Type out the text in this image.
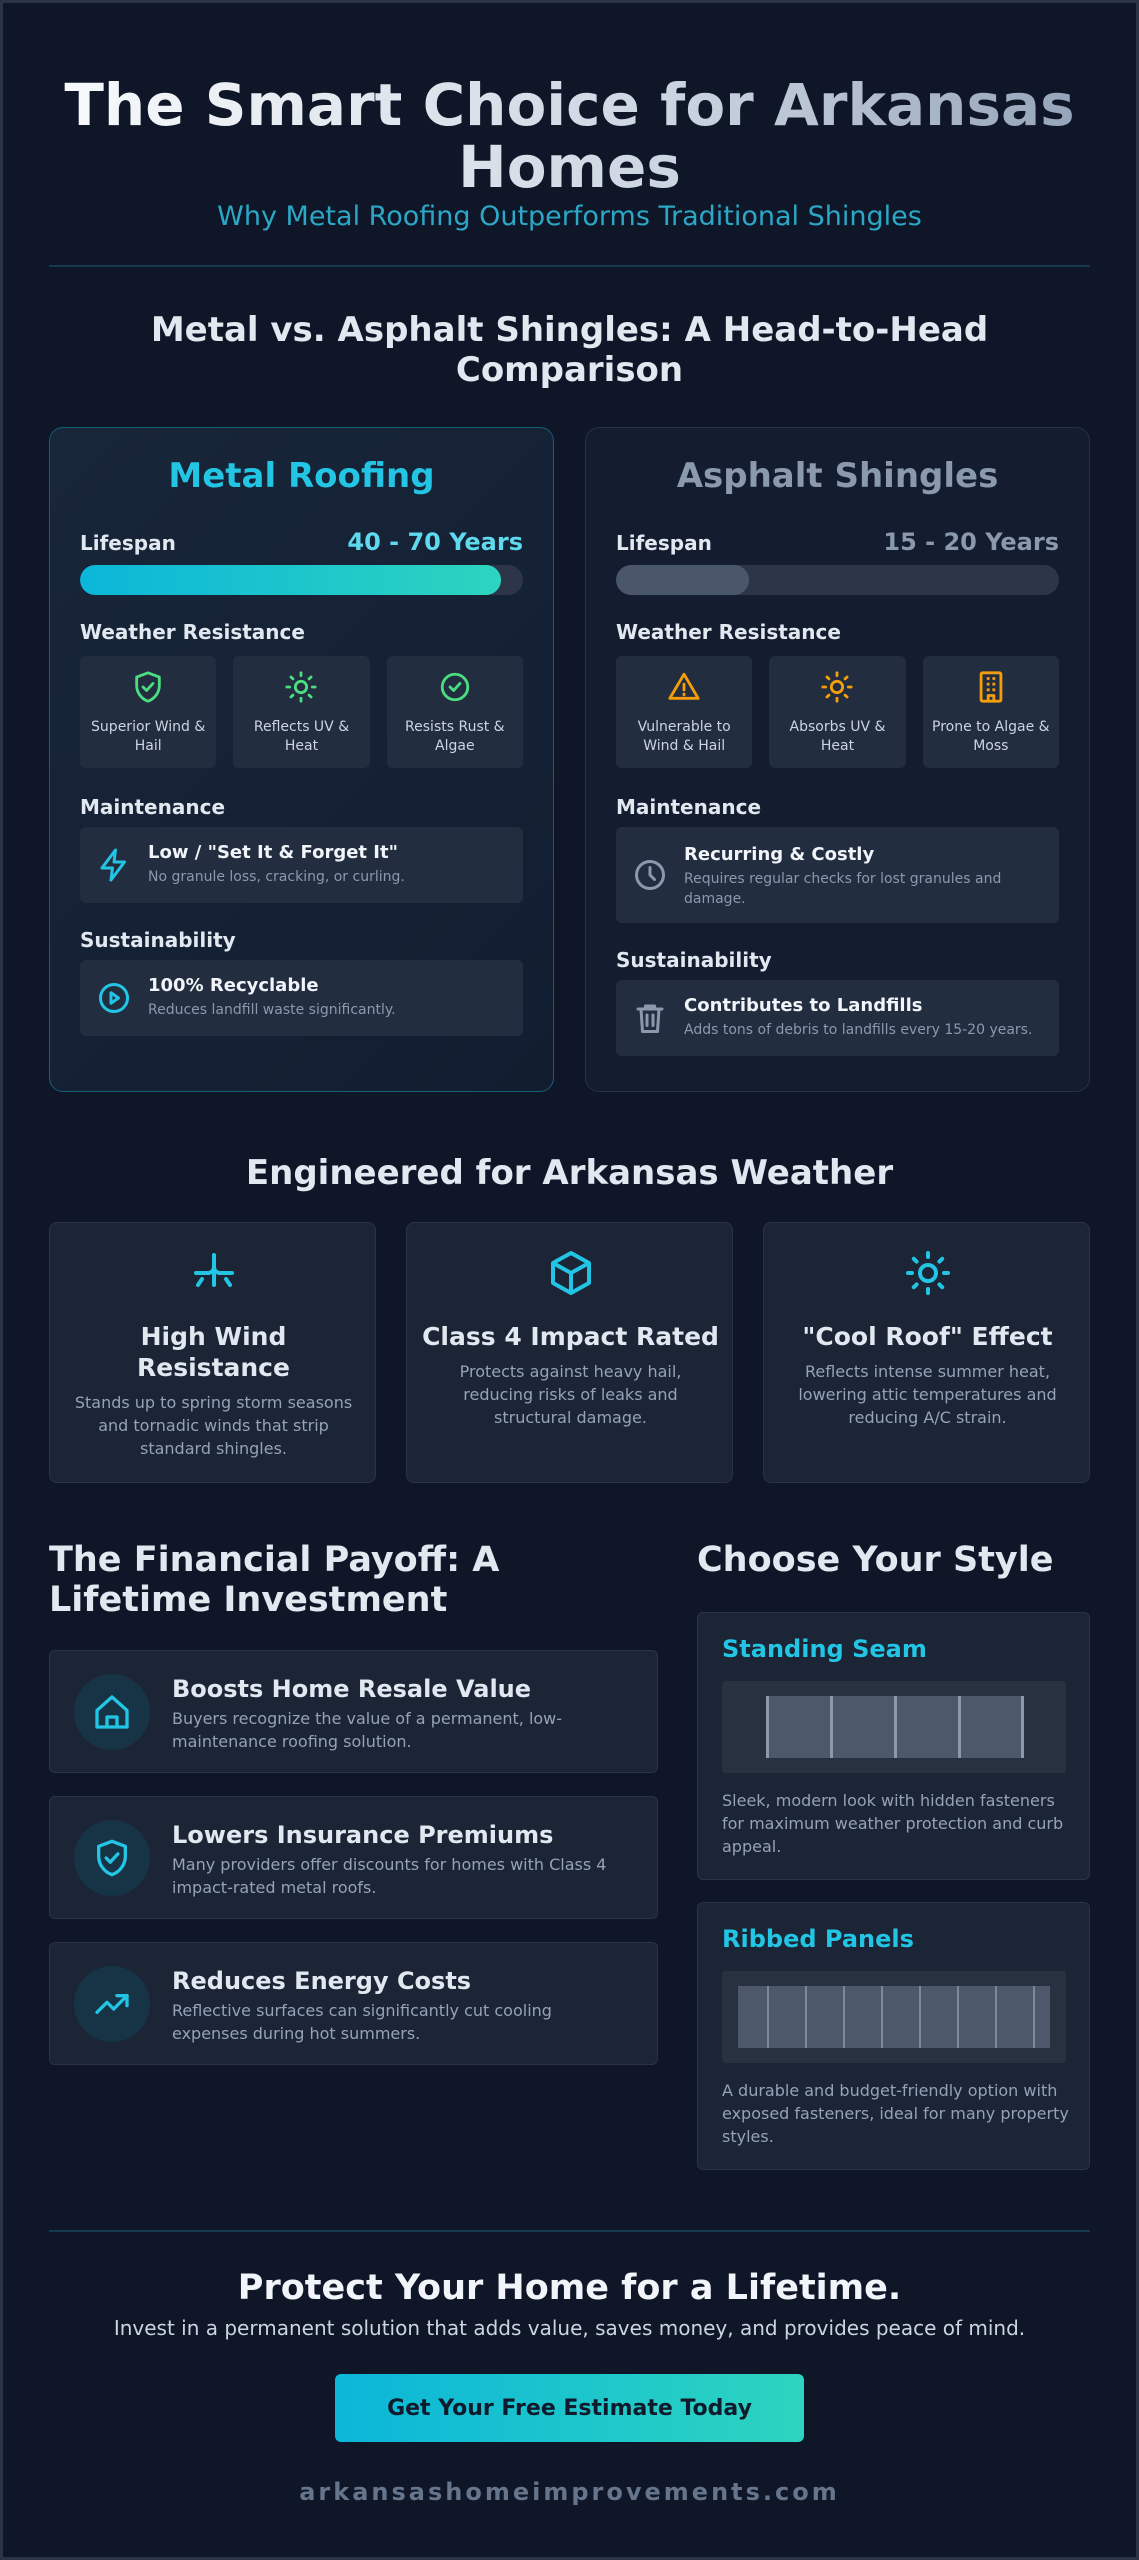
The Smart Choice for Arkansas Homes
Why Metal Roofing Outperforms Traditional Shingles
Metal vs. Asphalt Shingles: A Head-to-Head Comparison
Metal Roofing
Lifespan	40 - 70 Years
Weather Resistance
Superior Wind & Hail
Reflects UV & Heat
Resists Rust & Algae
Maintenance
Low / "Set It & Forget It"
No granule loss, cracking, or curling.
Sustainability
100% Recyclable
Reduces landfill waste significantly.
Asphalt Shingles
Lifespan	15 - 20 Years
Weather Resistance
Vulnerable to Wind & Hail
Absorbs UV & Heat
Prone to Algae & Moss
Maintenance
Recurring & Costly
Requires regular checks for lost granules and damage.
Sustainability
Contributes to Landfills
Adds tons of debris to landfills every 15-20 years.
Engineered for Arkansas Weather
High Wind Resistance
Stands up to spring storm seasons and tornadic winds that strip standard shingles.
Class 4 Impact Rated
Protects against heavy hail, reducing risks of leaks and structural damage.
"Cool Roof" Effect
Reflects intense summer heat, lowering attic temperatures and reducing A/C strain.
The Financial Payoff: A Lifetime Investment
Boosts Home Resale Value
Buyers recognize the value of a permanent, low-maintenance roofing solution.
Lowers Insurance Premiums
Many providers offer discounts for homes with Class 4 impact-rated metal roofs.
Reduces Energy Costs
Reflective surfaces can significantly cut cooling expenses during hot summers.
Choose Your Style
Standing Seam
Sleek, modern look with hidden fasteners for maximum weather protection and curb appeal.
Ribbed Panels
A durable and budget-friendly option with exposed fasteners, ideal for many property styles.
Protect Your Home for a Lifetime.
Invest in a permanent solution that adds value, saves money, and provides peace of mind.
Get Your Free Estimate Today
arkansashomeimprovements.com
